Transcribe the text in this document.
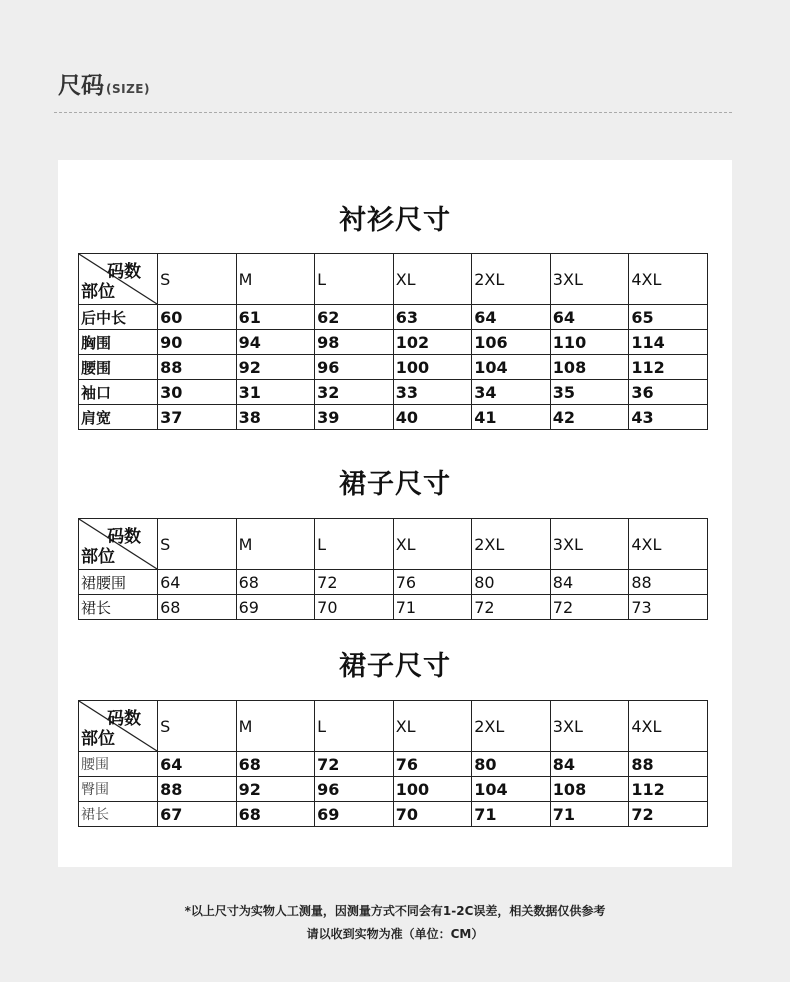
尺码 (SIZE)
衬衫尺寸
码数
部位	S	M	L	XL	2XL	3XL	4XL
后中长	60	61	62	63	64	64	65
胸围	90	94	98	102	106	110	114
腰围	88	92	96	100	104	108	112
袖口	30	31	32	33	34	35	36
肩宽	37	38	39	40	41	42	43
裙子尺寸
码数
部位	S	M	L	XL	2XL	3XL	4XL
裙腰围	64	68	72	76	80	84	88
裙长	68	69	70	71	72	72	73
裙子尺寸
码数
部位	S	M	L	XL	2XL	3XL	4XL
腰围	64	68	72	76	80	84	88
臀围	88	92	96	100	104	108	112
裙长	67	68	69	70	71	71	72
*以上尺寸为实物人工测量，因测量方式不同会有1-2C误差，相关数据仅供参考
请以收到实物为准（单位：CM）
